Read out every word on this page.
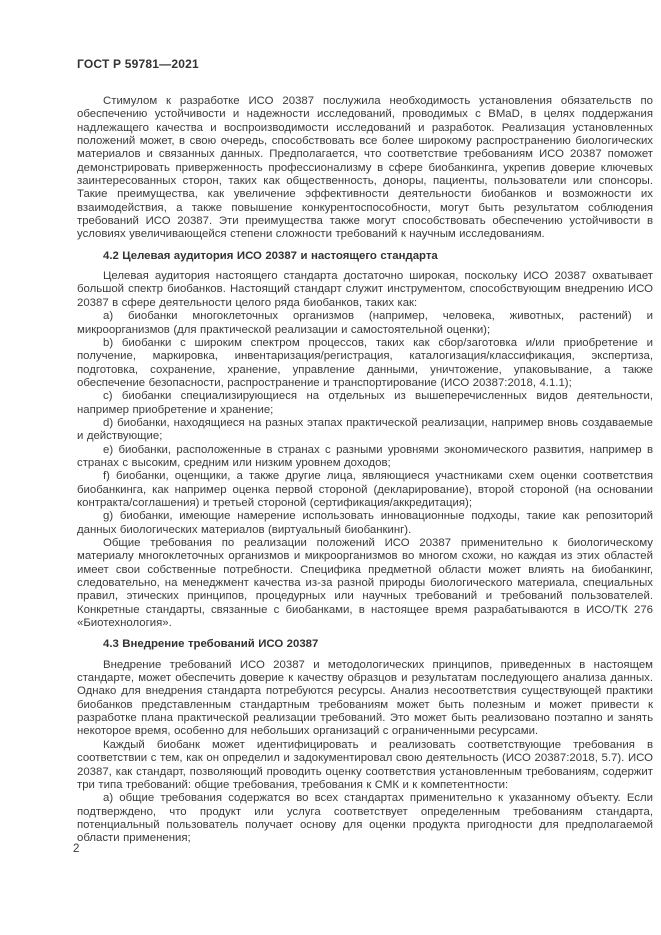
ГОСТ Р 59781—2021

Стимулом к разработке ИСО 20387 послужила необходимость установления обязательств по обеспечению устойчивости и надежности исследований, проводимых с BMaD, в целях поддержания надлежащего качества и воспроизводимости исследований и разработок. Реализация установленных положений может, в свою очередь, способствовать все более широкому распространению биологических материалов и связанных данных. Предполагается, что соответствие требованиям ИСО 20387 поможет демонстрировать приверженность профессионализму в сфере биобанкинга, укрепив доверие ключевых заинтересованных сторон, таких как общественность, доноры, пациенты, пользователи или спонсоры. Такие преимущества, как увеличение эффективности деятельности биобанков и возможности их взаимодействия, а также повышение конкурентоспособности, могут быть результатом соблюдения требований ИСО 20387. Эти преимущества также могут способствовать обеспечению устойчивости в условиях увеличивающейся степени сложности требований к научным исследованиям.

4.2 Целевая аудитория ИСО 20387 и настоящего стандарта

Целевая аудитория настоящего стандарта достаточно широкая, поскольку ИСО 20387 охватывает большой спектр биобанков. Настоящий стандарт служит инструментом, способствующим внедрению ИСО 20387 в сфере деятельности целого ряда биобанков, таких как:

a) биобанки многоклеточных организмов (например, человека, животных, растений) и микроорганизмов (для практической реализации и самостоятельной оценки);

b) биобанки с широким спектром процессов, таких как сбор/заготовка и/или приобретение и получение, маркировка, инвентаризация/регистрация, каталогизация/классификация, экспертиза, подготовка, сохранение, хранение, управление данными, уничтожение, упаковывание, а также обеспечение безопасности, распространение и транспортирование (ИСО 20387:2018, 4.1.1);

c) биобанки специализирующиеся на отдельных из вышеперечисленных видов деятельности, например приобретение и хранение;

d) биобанки, находящиеся на разных этапах практической реализации, например вновь создаваемые и действующие;

e) биобанки, расположенные в странах с разными уровнями экономического развития, например в странах с высоким, средним или низким уровнем доходов;

f) биобанки, оценщики, а также другие лица, являющиеся участниками схем оценки соответствия биобанкинга, как например оценка первой стороной (декларирование), второй стороной (на основании контракта/соглашения) и третьей стороной (сертификация/аккредитация);

g) биобанки, имеющие намерение использовать инновационные подходы, такие как репозиторий данных биологических материалов (виртуальный биобанкинг).

Общие требования по реализации положений ИСО 20387 применительно к биологическому материалу многоклеточных организмов и микроорганизмов во многом схожи, но каждая из этих областей имеет свои собственные потребности. Специфика предметной области может влиять на биобанкинг, следовательно, на менеджмент качества из-за разной природы биологического материала, специальных правил, этических принципов, процедурных или научных требований и требований пользователей. Конкретные стандарты, связанные с биобанками, в настоящее время разрабатываются в ИСО/ТК 276 «Биотехнология».

4.3 Внедрение требований ИСО 20387

Внедрение требований ИСО 20387 и методологических принципов, приведенных в настоящем стандарте, может обеспечить доверие к качеству образцов и результатам последующего анализа данных. Однако для внедрения стандарта потребуются ресурсы. Анализ несоответствия существующей практики биобанков представленным стандартным требованиям может быть полезным и может привести к разработке плана практической реализации требований. Это может быть реализовано поэтапно и занять некоторое время, особенно для небольших организаций с ограниченными ресурсами.

Каждый биобанк может идентифицировать и реализовать соответствующие требования в соответствии с тем, как он определил и задокументировал свою деятельность (ИСО 20387:2018, 5.7). ИСО 20387, как стандарт, позволяющий проводить оценку соответствия установленным требованиям, содержит три типа требований: общие требования, требования к СМК и к компетентности:

a) общие требования содержатся во всех стандартах применительно к указанному объекту. Если подтверждено, что продукт или услуга соответствует определенным требованиям стандарта, потенциальный пользователь получает основу для оценки продукта пригодности для предполагаемой области применения;

2
